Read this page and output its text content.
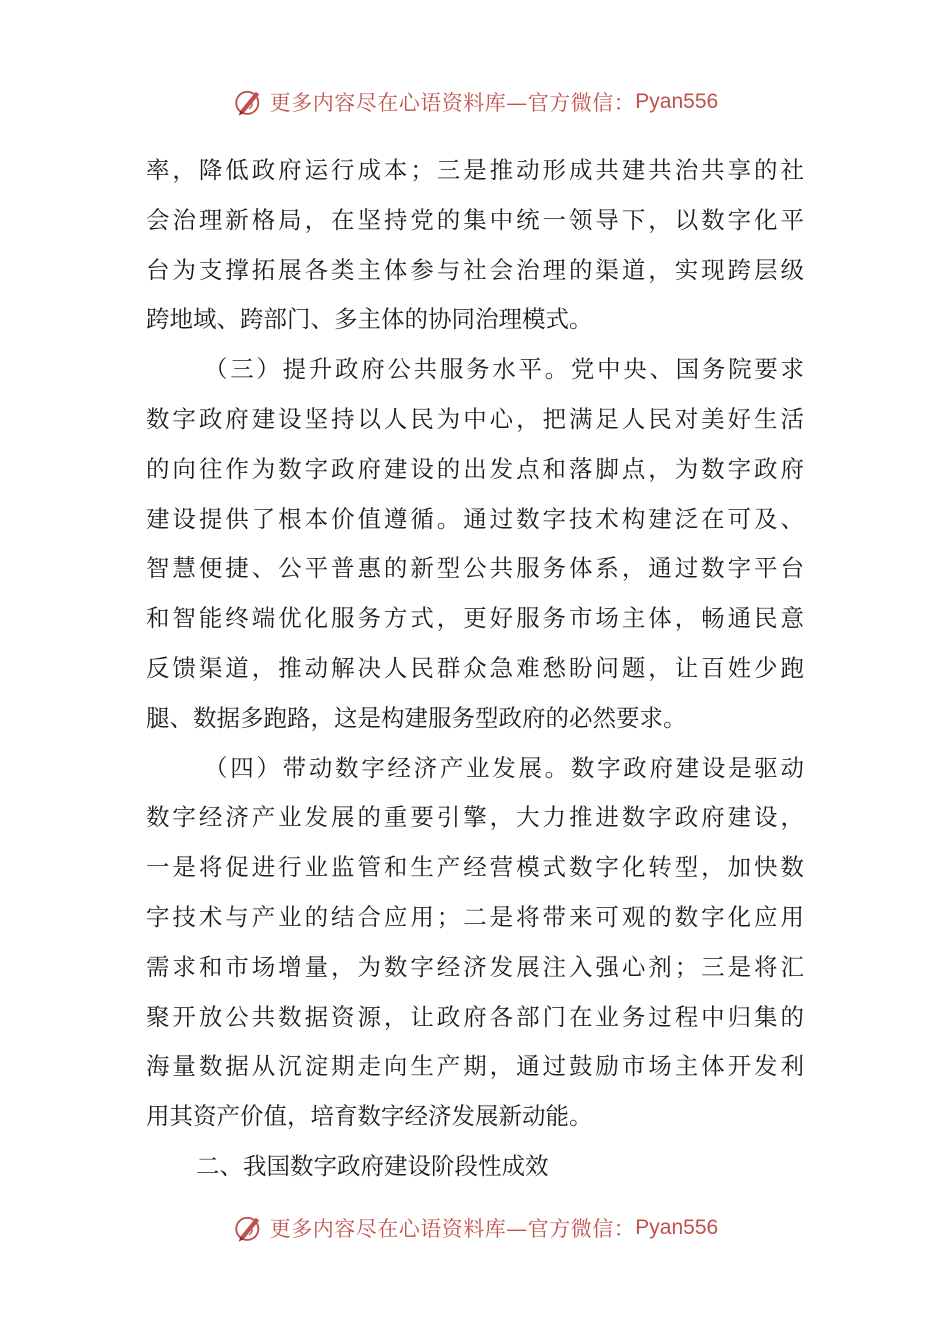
更多内容尽在心语资料库—官方微信： Pyan556
率，降低政府运行成本；三是推动形成共建共治共享的社
会治理新格局，在坚持党的集中统一领导下，以数字化平
台为支撑拓展各类主体参与社会治理的渠道，实现跨层级
跨地域、跨部门、多主体的协同治理模式。
（三）提升政府公共服务水平。党中央、国务院要求
数字政府建设坚持以人民为中心，把满足人民对美好生活
的向往作为数字政府建设的出发点和落脚点，为数字政府
建设提供了根本价值遵循。通过数字技术构建泛在可及、
智慧便捷、公平普惠的新型公共服务体系，通过数字平台
和智能终端优化服务方式，更好服务市场主体，畅通民意
反馈渠道，推动解决人民群众急难愁盼问题，让百姓少跑
腿、数据多跑路，这是构建服务型政府的必然要求。
（四）带动数字经济产业发展。数字政府建设是驱动
数字经济产业发展的重要引擎，大力推进数字政府建设，
一是将促进行业监管和生产经营模式数字化转型，加快数
字技术与产业的结合应用；二是将带来可观的数字化应用
需求和市场增量，为数字经济发展注入强心剂；三是将汇
聚开放公共数据资源，让政府各部门在业务过程中归集的
海量数据从沉淀期走向生产期，通过鼓励市场主体开发利
用其资产价值，培育数字经济发展新动能。
二、我国数字政府建设阶段性成效
更多内容尽在心语资料库—官方微信： Pyan556
